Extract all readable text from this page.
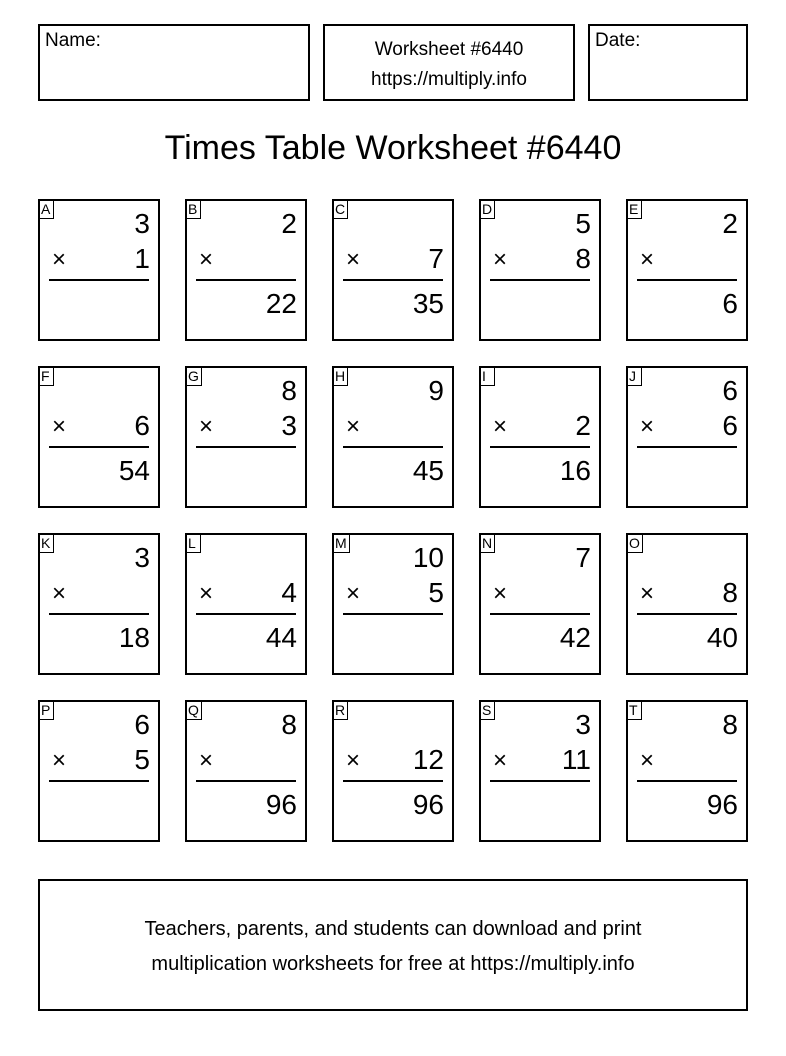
Name:	Worksheet #6440
https://multiply.info
Date:
Times Table Worksheet #6440
A	3
× 1
B	2
×
22
C
× 7
35
D	5
× 8
E	2
×
6
F
× 6
54
G	8
× 3
H	9
×
45
I
× 2
16
J	6
× 6
K	3
×
18
L
× 4
44
M 10
× 5
N	7
×
42
O
× 8
40
P	6
× 5
Q	8
×
96
R
× 12
96
S	3
× 11
T	8
×
96
Teachers, parents, and students can download and print
multiplication worksheets for free at https://multiply.info
